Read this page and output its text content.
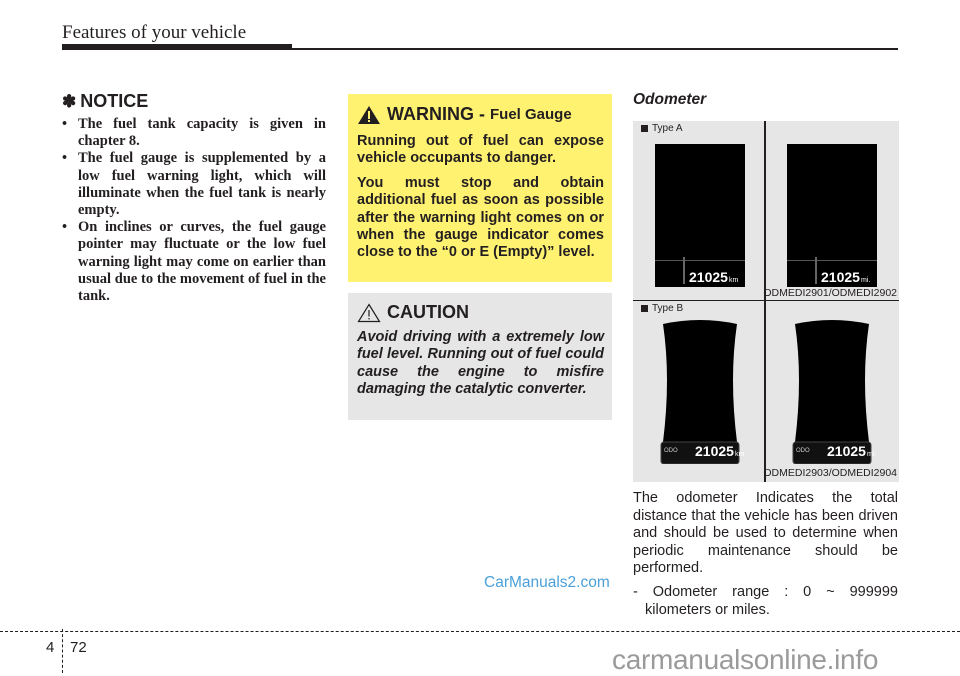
Features of your vehicle
✽ NOTICE
• The fuel tank capacity is given in chapter 8.
• The fuel gauge is supplemented by a low fuel warning light, which will illuminate when the fuel tank is nearly empty.
• On inclines or curves, the fuel gauge pointer may fluctuate or the low fuel warning light may come on earlier than usual due to the movement of fuel in the tank.
WARNING - Fuel Gauge

Running out of fuel can expose vehicle occupants to danger.

You must stop and obtain additional fuel as soon as possible after the warning light comes on or when the gauge indicator comes close to the “0 or E (Empty)” level.

CAUTION

Avoid driving with a extremely low fuel level. Running out of fuel could cause the engine to misfire damaging the catalytic converter.

Odometer
Type A
21025km	21025mi.
ODMEDI2901/ODMEDI2902
Type B
ODO 21025km	ODO 21025mi.
ODMEDI2903/ODMEDI2904

The odometer Indicates the total distance that the vehicle has been driven and should be used to determine when periodic maintenance should be performed.

- Odometer range : 0 ~ 999999 kilometers or miles.

CarManuals2.com
4 72	carmanualsonline.info
